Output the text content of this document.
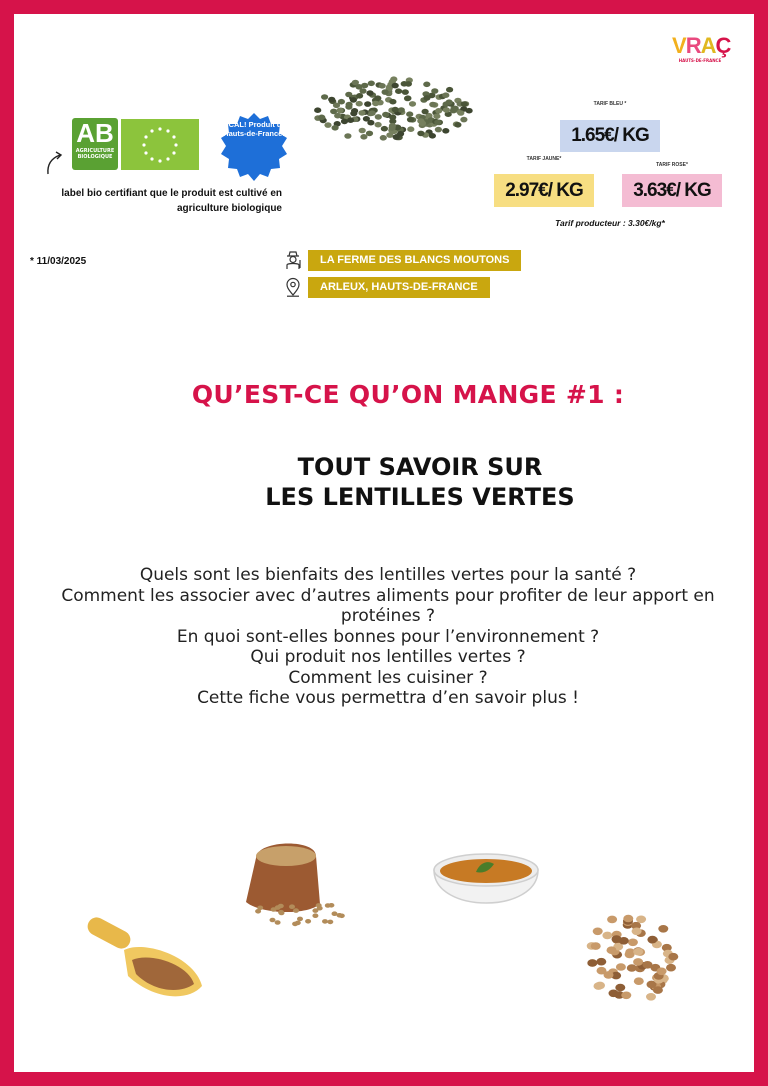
VRAÇ
HAUTS-DE-FRANCE
AB
AGRICULTURE
BIOLOGIQUE
LOCAL! Produit des Hauts-de-France!
label bio certifiant que le produit est cultivé en agriculture biologique
TARIF BLEU *
1.65€/ KG
TARIF JAUNE*
2.97€/ KG
TARIF ROSE*
3.63€/ KG
Tarif producteur : 3.30€/kg*
* 11/03/2025	LA FERME DES BLANCS MOUTONS
ARLEUX, HAUTS-DE-FRANCE
QU’EST-CE QU’ON MANGE #1 :
TOUT SAVOIR SUR
LES LENTILLES VERTES
Quels sont les bienfaits des lentilles vertes pour la santé ?
Comment les associer avec d’autres aliments pour profiter de leur apport en protéines ?
En quoi sont-elles bonnes pour l’environnement ?
Qui produit nos lentilles vertes ?
Comment les cuisiner ?
Cette fiche vous permettra d’en savoir plus !
